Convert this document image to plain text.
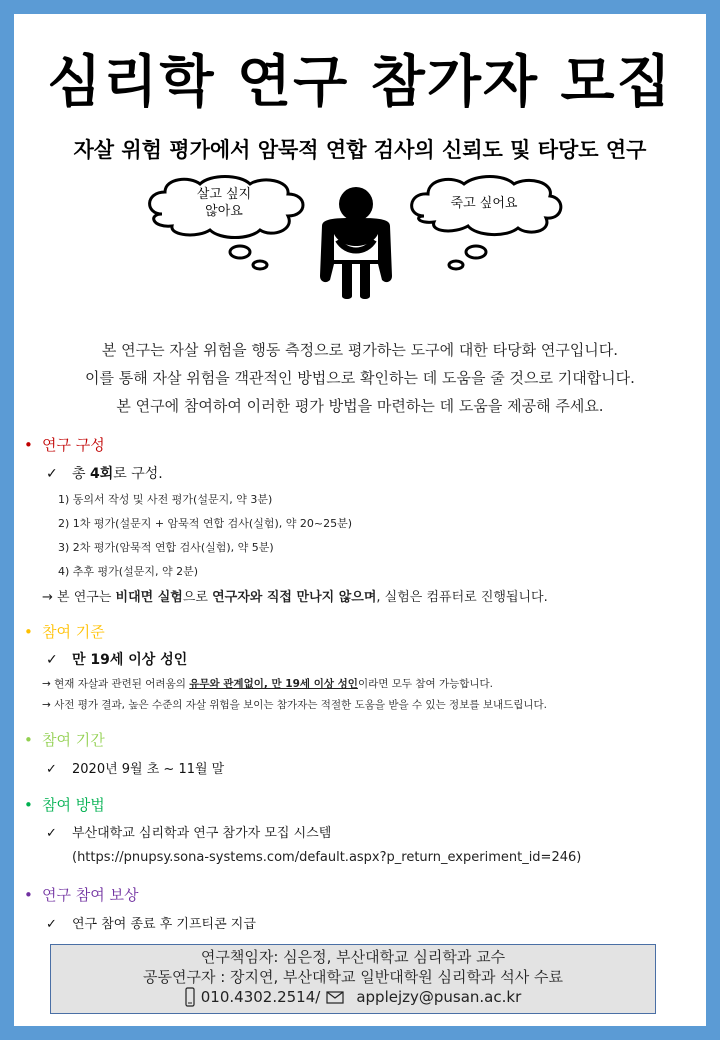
심리학 연구 참가자 모집
자살 위험 평가에서 암묵적 연합 검사의 신뢰도 및 타당도 연구
살고 싶지
않아요
죽고 싶어요
본 연구는 자살 위험을 행동 측정으로 평가하는 도구에 대한 타당화 연구입니다.
이를 통해 자살 위험을 객관적인 방법으로 확인하는 데 도움을 줄 것으로 기대합니다.
본 연구에 참여하여 이러한 평가 방법을 마련하는 데 도움을 제공해 주세요.
• 연구 구성
✓ 총 4회로 구성.
1) 동의서 작성 및 사전 평가(설문지, 약 3분)
2) 1차 평가(설문지 + 암묵적 연합 검사(실험), 약 20~25분)
3) 2차 평가(암묵적 연합 검사(실험), 약 5분)
4) 추후 평가(설문지, 약 2분)
→ 본 연구는 비대면 실험으로 연구자와 직접 만나지 않으며, 실험은 컴퓨터로 진행됩니다.
• 참여 기준
✓ 만 19세 이상 성인
→ 현재 자살과 관련된 어려움의 유무와 관계없이, 만 19세 이상 성인이라면 모두 참여 가능합니다.
→ 사전 평가 결과, 높은 수준의 자살 위험을 보이는 참가자는 적절한 도움을 받을 수 있는 정보를 보내드립니다.
• 참여 기간
✓ 2020년 9월 초 ~ 11월 말
• 참여 방법
✓ 부산대학교 심리학과 연구 참가자 모집 시스템
(https://pnupsy.sona-systems.com/default.aspx?p_return_experiment_id=246)
• 연구 참여 보상
✓ 연구 참여 종료 후 기프티콘 지급
연구책임자: 심은정, 부산대학교 심리학과 교수
공동연구자 : 장지연, 부산대학교 일반대학원 심리학과 석사 수료
010.4302.2514/ applejzy@pusan.ac.kr
